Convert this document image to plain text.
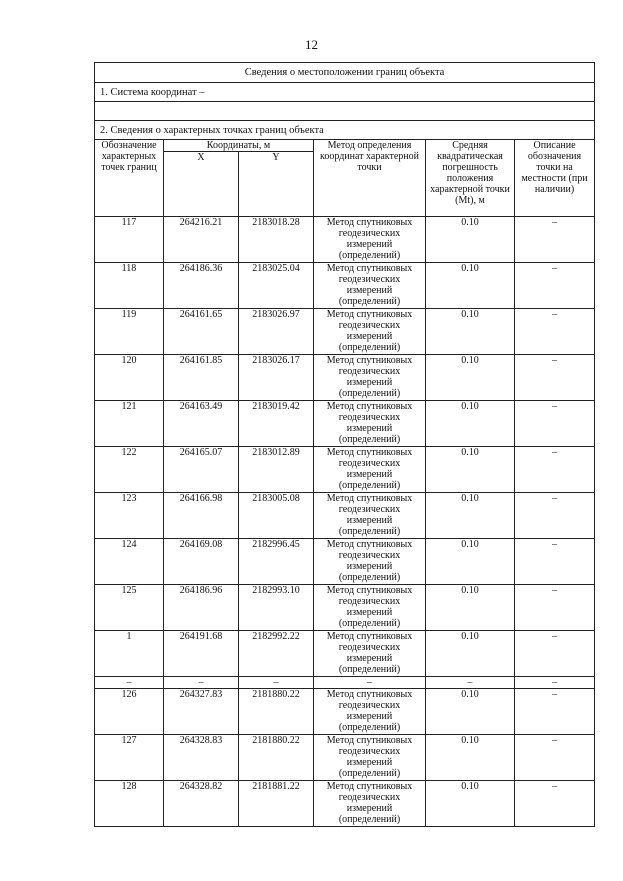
12
Сведения о местоположении границ объекта					
1. Система координат –					

2. Сведения о характерных точках границ объекта					
Обозначение характерных точек границ	Координаты, м		Метод определения координат характерной точки	Средняя квадратическая погрешность положения характерной точки (Mt), м	Описание обозначения точки на местности (при наличии)
	X	Y			
117	264216.21	2183018.28	Метод спутниковых геодезических измерений (определений)	0.10	–
118	264186.36	2183025.04	Метод спутниковых геодезических измерений (определений)	0.10	–
119	264161.65	2183026.97	Метод спутниковых геодезических измерений (определений)	0.10	–
120	264161.85	2183026.17	Метод спутниковых геодезических измерений (определений)	0.10	–
121	264163.49	2183019.42	Метод спутниковых геодезических измерений (определений)	0.10	–
122	264165.07	2183012.89	Метод спутниковых геодезических измерений (определений)	0.10	–
123	264166.98	2183005.08	Метод спутниковых геодезических измерений (определений)	0.10	–
124	264169.08	2182996.45	Метод спутниковых геодезических измерений (определений)	0.10	–
125	264186.96	2182993.10	Метод спутниковых геодезических измерений (определений)	0.10	–
1	264191.68	2182992.22	Метод спутниковых геодезических измерений (определений)	0.10	–
–	–	–	–	–	–
126	264327.83	2181880.22	Метод спутниковых геодезических измерений (определений)	0.10	–
127	264328.83	2181880.22	Метод спутниковых геодезических измерений (определений)	0.10	–
128	264328.82	2181881.22	Метод спутниковых геодезических измерений (определений)	0.10	–
